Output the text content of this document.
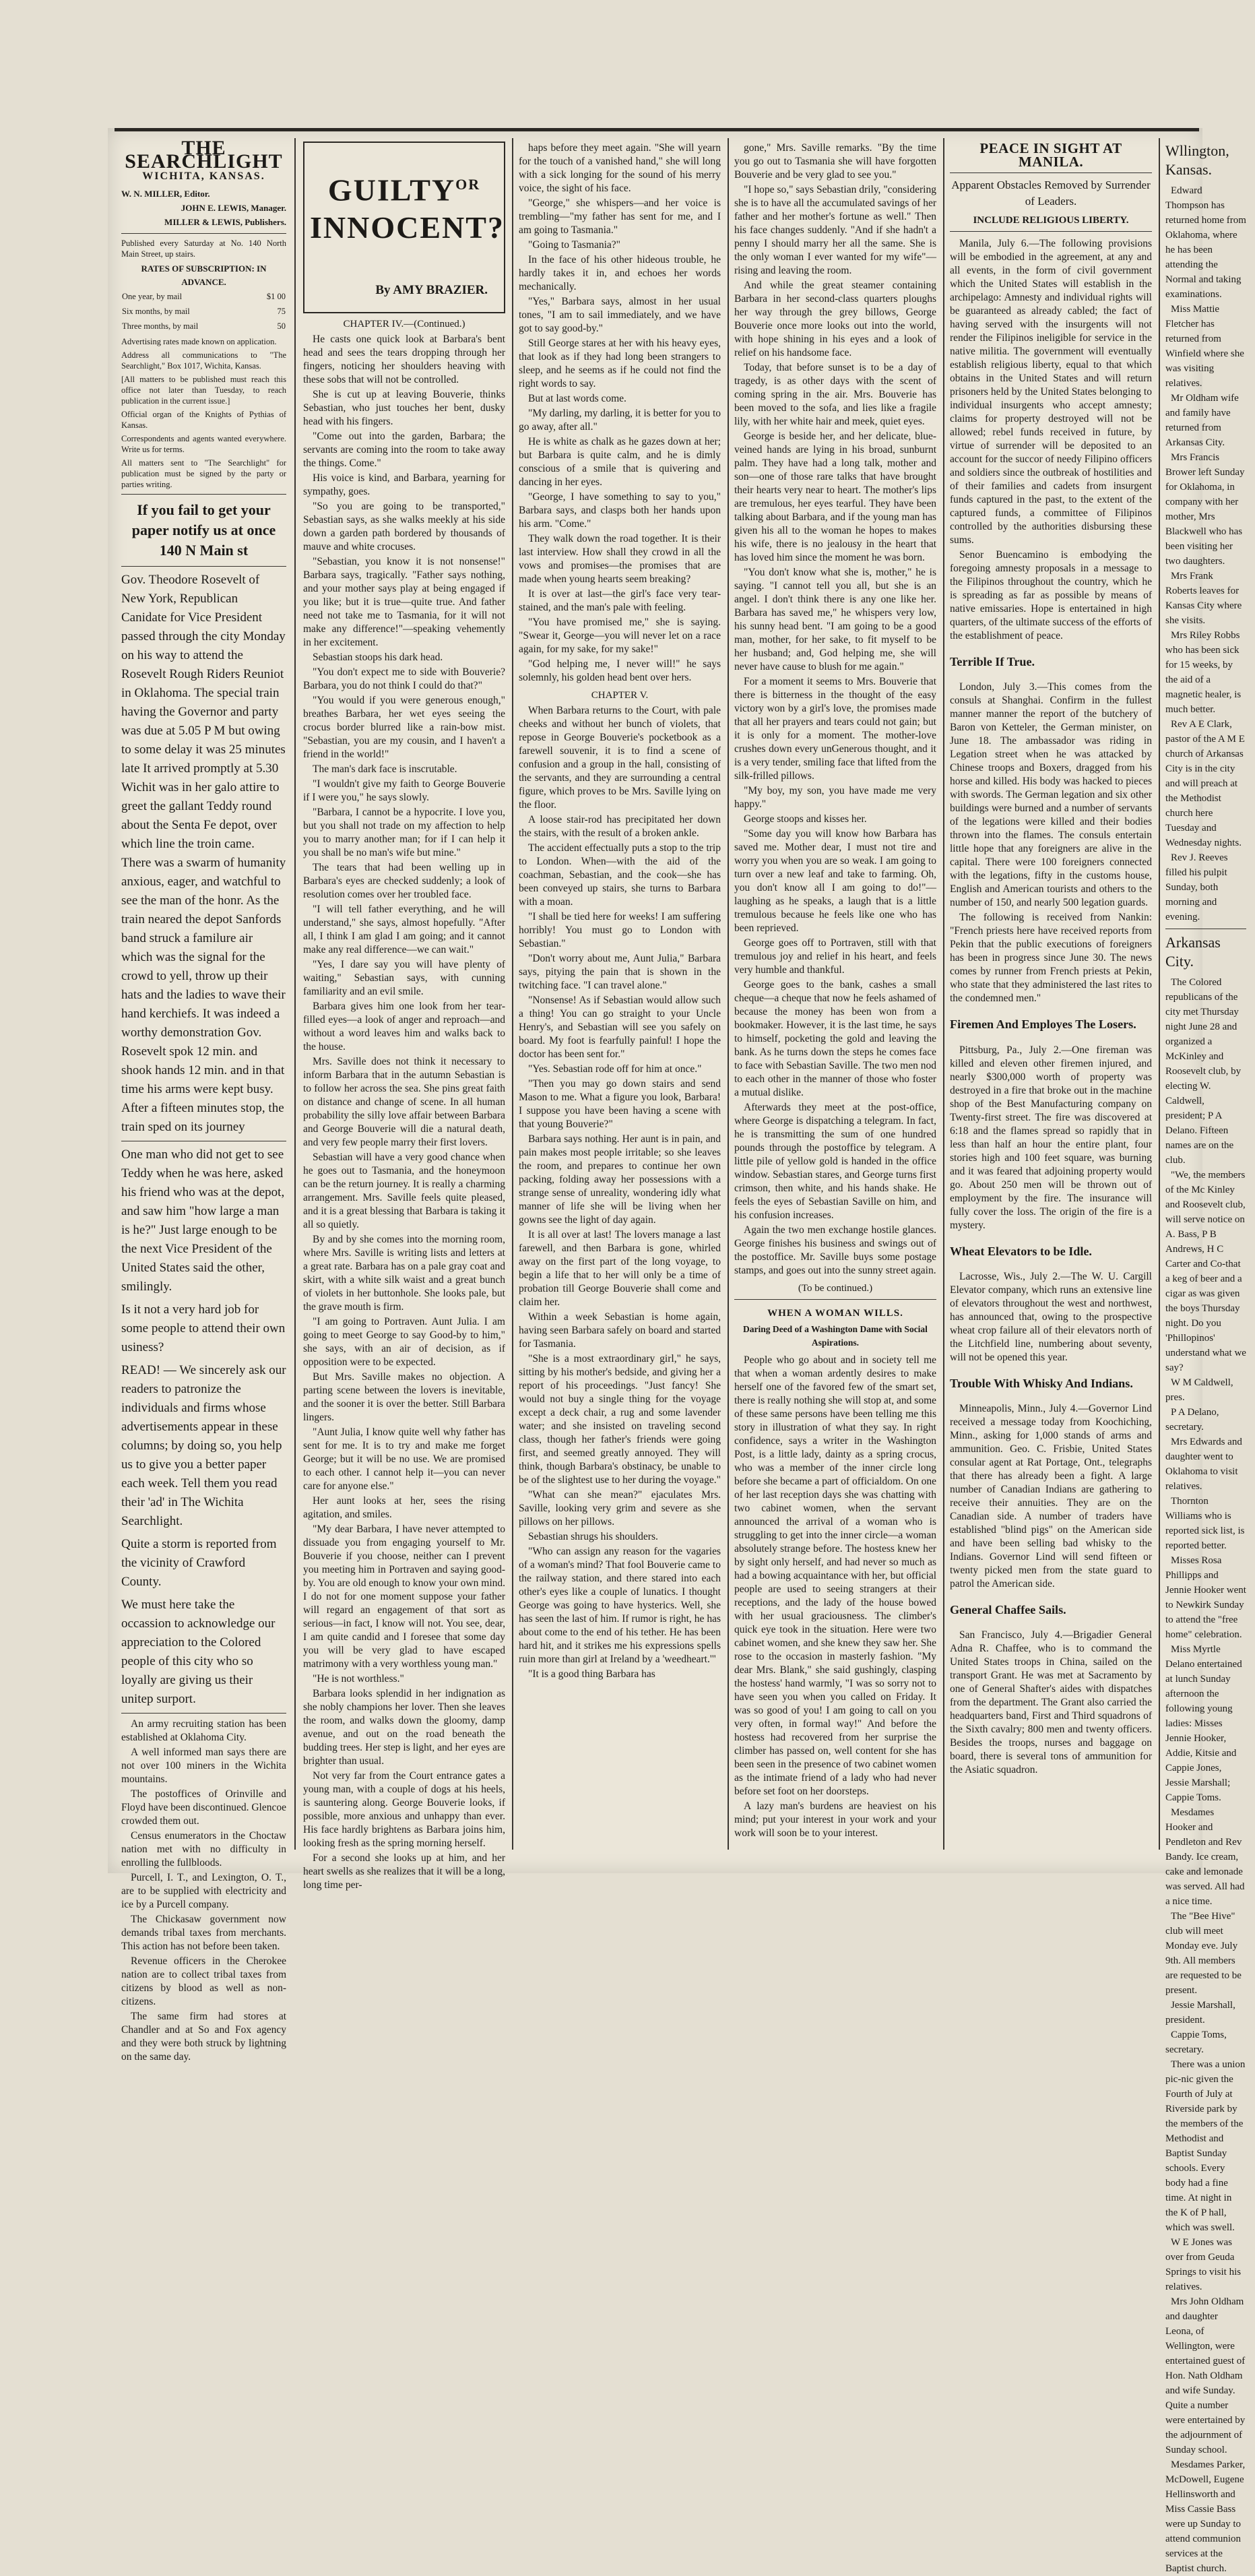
THE SEARCHLIGHT
WICHITA, KANSAS.
W. N. MILLER, Editor.
JOHN E. LEWIS, Manager.
MILLER & LEWIS, Publishers.
Published every Saturday at No. 140 North Main Street, up stairs.
RATES OF SUBSCRIPTION: IN ADVANCE.
One year, by mail	$1 00
Six months, by mail	75
Three months, by mail	50
Advertising rates made known on application.
Address all communications to "The Searchlight," Box 1017, Wichita, Kansas.
[All matters to be published must reach this office not later than Tuesday, to reach publication in the current issue.]
Official organ of the Knights of Pythias of Kansas.
Correspondents and agents wanted everywhere. Write us for terms.
All matters sent to "The Searchlight" for publication must be signed by the party or parties writing.
If you fail to get your paper notify us at once 140 N Main st
Gov. Theodore Rosevelt of New York, Republican Canidate for Vice President passed through the city Monday on his way to attend the Rosevelt Rough Riders Reuniot in Oklahoma. The special train having the Governor and party was due at 5.05 P M but owing to some delay it was 25 minutes late It arrived promptly at 5.30 Wichit was in her galo attire to greet the gallant Teddy round about the Senta Fe depot, over which line the troin came. There was a swarm of humanity anxious, eager, and watchful to see the man of the honr. As the train neared the depot Sanfords band struck a familure air which was the signal for the crowd to yell, throw up their hats and the ladies to wave their hand kerchiefs. It was indeed a worthy demonstration Gov. Rosevelt spok 12 min. and shook hands 12 min. and in that time his arms were kept busy. After a fifteen minutes stop, the train sped on its journey
One man who did not get to see Teddy when he was here, asked his friend who was at the depot, and saw him "how large a man is he?" Just large enough to be the next Vice President of the United States said the other, smilingly.
Is it not a very hard job for some people to attend their own usiness?
READ! — We sincerely ask our readers to patronize the individuals and firms whose advertisements appear in these columns; by doing so, you help us to give you a better paper each week. Tell them you read their 'ad' in The Wichita Searchlight.
Quite a storm is reported from the vicinity of Crawford County.
We must here take the occassion to acknowledge our appreciation to the Colored people of this city who so loyally are giving us their unitep surport.

An army recruiting station has been established at Oklahoma City.

A well informed man says there are not over 100 miners in the Wichita mountains.

The postoffices of Orinville and Floyd have been discontinued. Glencoe crowded them out.

Census enumerators in the Choctaw nation met with no difficulty in enrolling the fullbloods.

Purcell, I. T., and Lexington, O. T., are to be supplied with electricity and ice by a Purcell company.

The Chickasaw government now demands tribal taxes from merchants. This action has not before been taken.

Revenue officers in the Cherokee nation are to collect tribal taxes from citizens by blood as well as non-citizens.

The same firm had stores at Chandler and at So and Fox agency and they were both struck by lightning on the same day.

$GUILTY^{OR}$
INNOCENT?
By AMY BRAZIER.
CHAPTER IV.—(Continued.)

He casts one quick look at Barbara's bent head and sees the tears dropping through her fingers, noticing her shoulders heaving with these sobs that will not be controlled.

She is cut up at leaving Bouverie, thinks Sebastian, who just touches her bent, dusky head with his fingers.

"Come out into the garden, Barbara; the servants are coming into the room to take away the things. Come."

His voice is kind, and Barbara, yearning for sympathy, goes.

"So you are going to be transported," Sebastian says, as she walks meekly at his side down a garden path bordered by thousands of mauve and white crocuses.

"Sebastian, you know it is not nonsense!" Barbara says, tragically. "Father says nothing, and your mother says play at being engaged if you like; but it is true—quite true. And father need not take me to Tasmania, for it will not make any difference!"—speaking vehemently in her excitement.

Sebastian stoops his dark head.

"You don't expect me to side with Bouverie? Barbara, you do not think I could do that?"

"You would if you were generous enough," breathes Barbara, her wet eyes seeing the crocus border blurred like a rain-bow mist. "Sebastian, you are my cousin, and I haven't a friend in the world!"

The man's dark face is inscrutable.

"I wouldn't give my faith to George Bouverie if I were you," he says slowly.

"Barbara, I cannot be a hypocrite. I love you, but you shall not trade on my affection to help you to marry another man; for if I can help it you shall be no man's wife but mine."

The tears that had been welling up in Barbara's eyes are checked suddenly; a look of resolution comes over her troubled face.

"I will tell father everything, and he will understand," she says, almost hopefully. "After all, I think I am glad I am going; and it cannot make any real difference—we can wait."

"Yes, I dare say you will have plenty of waiting," Sebastian says, with cunning familiarity and an evil smile.

Barbara gives him one look from her tear-filled eyes—a look of anger and reproach—and without a word leaves him and walks back to the house.

Mrs. Saville does not think it necessary to inform Barbara that in the autumn Sebastian is to follow her across the sea. She pins great faith on distance and change of scene. In all human probability the silly love affair between Barbara and George Bouverie will die a natural death, and very few people marry their first lovers.

Sebastian will have a very good chance when he goes out to Tasmania, and the honeymoon can be the return journey. It is really a charming arrangement. Mrs. Saville feels quite pleased, and it is a great blessing that Barbara is taking it all so quietly.

By and by she comes into the morning room, where Mrs. Saville is writing lists and letters at a great rate. Barbara has on a pale gray coat and skirt, with a white silk waist and a great bunch of violets in her buttonhole. She looks pale, but the grave mouth is firm.

"I am going to Portraven. Aunt Julia. I am going to meet George to say Good-by to him," she says, with an air of decision, as if opposition were to be expected.

But Mrs. Saville makes no objection. A parting scene between the lovers is inevitable, and the sooner it is over the better. Still Barbara lingers.

"Aunt Julia, I know quite well why father has sent for me. It is to try and make me forget George; but it will be no use. We are promised to each other. I cannot help it—you can never care for anyone else."

Her aunt looks at her, sees the rising agitation, and smiles.

"My dear Barbara, I have never attempted to dissuade you from engaging yourself to Mr. Bouverie if you choose, neither can I prevent you meeting him in Portraven and saying good-by. You are old enough to know your own mind. I do not for one moment suppose your father will regard an engagement of that sort as serious—in fact, I know will not. You see, dear, I am quite candid and I foresee that some day you will be very glad to have escaped matrimony with a very worthless young man."

"He is not worthless."

Barbara looks splendid in her indignation as she nobly champions her lover. Then she leaves the room, and walks down the gloomy, damp avenue, and out on the road beneath the budding trees. Her step is light, and her eyes are brighter than usual.

Not very far from the Court entrance gates a young man, with a couple of dogs at his heels, is sauntering along. George Bouverie looks, if possible, more anxious and unhappy than ever. His face hardly brightens as Barbara joins him, looking fresh as the spring morning herself.

For a second she looks up at him, and her heart swells as she realizes that it will be a long, long time per-

haps before they meet again. "She will yearn for the touch of a vanished hand," she will long with a sick longing for the sound of his merry voice, the sight of his face.

"George," she whispers—and her voice is trembling—"my father has sent for me, and I am going to Tasmania."

"Going to Tasmania?"

In the face of his other hideous trouble, he hardly takes it in, and echoes her words mechanically.

"Yes," Barbara says, almost in her usual tones, "I am to sail immediately, and we have got to say good-by."

Still George stares at her with his heavy eyes, that look as if they had long been strangers to sleep, and he seems as if he could not find the right words to say.

But at last words come.

"My darling, my darling, it is better for you to go away, after all."

He is white as chalk as he gazes down at her; but Barbara is quite calm, and he is dimly conscious of a smile that is quivering and dancing in her eyes.

"George, I have something to say to you," Barbara says, and clasps both her hands upon his arm. "Come."

They walk down the road together. It is their last interview. How shall they crowd in all the vows and promises—the promises that are made when young hearts seem breaking?

It is over at last—the girl's face very tear-stained, and the man's pale with feeling.

"You have promised me," she is saying. "Swear it, George—you will never let on a race again, for my sake, for my sake!"

"God helping me, I never will!" he says solemnly, his golden head bent over hers.

CHAPTER V.

When Barbara returns to the Court, with pale cheeks and without her bunch of violets, that repose in George Bouverie's pocketbook as a farewell souvenir, it is to find a scene of confusion and a group in the hall, consisting of the servants, and they are surrounding a central figure, which proves to be Mrs. Saville lying on the floor.

A loose stair-rod has precipitated her down the stairs, with the result of a broken ankle.

The accident effectually puts a stop to the trip to London. When—with the aid of the coachman, Sebastian, and the cook—she has been conveyed up stairs, she turns to Barbara with a moan.

"I shall be tied here for weeks! I am suffering horribly! You must go to London with Sebastian."

"Don't worry about me, Aunt Julia," Barbara says, pitying the pain that is shown in the twitching face. "I can travel alone."

"Nonsense! As if Sebastian would allow such a thing! You can go straight to your Uncle Henry's, and Sebastian will see you safely on board. My foot is fearfully painful! I hope the doctor has been sent for."

"Yes. Sebastian rode off for him at once."

"Then you may go down stairs and send Mason to me. What a figure you look, Barbara! I suppose you have been having a scene with that young Bouverie?"

Barbara says nothing. Her aunt is in pain, and pain makes most people irritable; so she leaves the room, and prepares to continue her own packing, folding away her possessions with a strange sense of unreality, wondering idly what manner of life she will be living when her gowns see the light of day again.

It is all over at last! The lovers manage a last farewell, and then Barbara is gone, whirled away on the first part of the long voyage, to begin a life that to her will only be a time of probation till George Bouverie shall come and claim her.

Within a week Sebastian is home again, having seen Barbara safely on board and started for Tasmania.

"She is a most extraordinary girl," he says, sitting by his mother's bedside, and giving her a report of his proceedings. "Just fancy! She would not buy a single thing for the voyage except a deck chair, a rug and some lavender water; and she insisted on traveling second class, though her father's friends were going first, and seemed greatly annoyed. They will think, though Barbara's obstinacy, be unable to be of the slightest use to her during the voyage."

"What can she mean?" ejaculates Mrs. Saville, looking very grim and severe as she pillows on her pillows.

Sebastian shrugs his shoulders.

"Who can assign any reason for the vagaries of a woman's mind? That fool Bouverie came to the railway station, and there stared into each other's eyes like a couple of lunatics. I thought George was going to have hysterics. Well, she has seen the last of him. If rumor is right, he has about come to the end of his tether. He has been hard hit, and it strikes me his expressions spells ruin more than girl at Ireland by a 'weedheart.'"

"It is a good thing Barbara has

gone," Mrs. Saville remarks. "By the time you go out to Tasmania she will have forgotten Bouverie and be very glad to see you."

"I hope so," says Sebastian drily, "considering she is to have all the accumulated savings of her father and her mother's fortune as well." Then his face changes suddenly. "And if she hadn't a penny I should marry her all the same. She is the only woman I ever wanted for my wife"—rising and leaving the room.

And while the great steamer containing Barbara in her second-class quarters ploughs her way through the grey billows, George Bouverie once more looks out into the world, with hope shining in his eyes and a look of relief on his handsome face.

Today, that before sunset is to be a day of tragedy, is as other days with the scent of coming spring in the air. Mrs. Bouverie has been moved to the sofa, and lies like a fragile lily, with her white hair and meek, quiet eyes.

George is beside her, and her delicate, blue-veined hands are lying in his broad, sunburnt palm. They have had a long talk, mother and son—one of those rare talks that have brought their hearts very near to heart. The mother's lips are tremulous, her eyes tearful. They have been talking about Barbara, and if the young man has given his all to the woman he hopes to makes his wife, there is no jealousy in the heart that has loved him since the moment he was born.

"You don't know what she is, mother," he is saying. "I cannot tell you all, but she is an angel. I don't think there is any one like her. Barbara has saved me," he whispers very low, his sunny head bent. "I am going to be a good man, mother, for her sake, to fit myself to be her husband; and, God helping me, she will never have cause to blush for me again."

For a moment it seems to Mrs. Bouverie that there is bitterness in the thought of the easy victory won by a girl's love, the promises made that all her prayers and tears could not gain; but it is only for a moment. The mother-love crushes down every unGenerous thought, and it is a very tender, smiling face that lifted from the silk-frilled pillows.

"My boy, my son, you have made me very happy."

George stoops and kisses her.

"Some day you will know how Barbara has saved me. Mother dear, I must not tire and worry you when you are so weak. I am going to turn over a new leaf and take to farming. Oh, you don't know all I am going to do!"—laughing as he speaks, a laugh that is a little tremulous because he feels like one who has been reprieved.

George goes off to Portraven, still with that tremulous joy and relief in his heart, and feels very humble and thankful.

George goes to the bank, cashes a small cheque—a cheque that now he feels ashamed of because the money has been won from a bookmaker. However, it is the last time, he says to himself, pocketing the gold and leaving the bank. As he turns down the steps he comes face to face with Sebastian Saville. The two men nod to each other in the manner of those who foster a mutual dislike.

Afterwards they meet at the post-office, where George is dispatching a telegram. In fact, he is transmitting the sum of one hundred pounds through the postoffice by telegram. A little pile of yellow gold is handed in the office window. Sebastian stares, and George turns first crimson, then white, and his hands shake. He feels the eyes of Sebastian Saville on him, and his confusion increases.

Again the two men exchange hostile glances. George finishes his business and swings out of the postoffice. Mr. Saville buys some postage stamps, and goes out into the sunny street again.

(To be continued.)
WHEN A WOMAN WILLS.
Daring Deed of a Washington Dame with Social Aspirations.

People who go about and in society tell me that when a woman ardently desires to make herself one of the favored few of the smart set, there is really nothing she will stop at, and some of these same persons have been telling me this story in illustration of what they say. In right confidence, says a writer in the Washington Post, is a little lady, dainty as a spring crocus, who was a member of the inner circle long before she became a part of officialdom. On one of her last reception days she was chatting with two cabinet women, when the servant announced the arrival of a woman who is struggling to get into the inner circle—a woman absolutely strange before. The hostess knew her by sight only herself, and had never so much as had a bowing acquaintance with her, but official people are used to seeing strangers at their receptions, and the lady of the house bowed with her usual graciousness. The climber's quick eye took in the situation. Here were two cabinet women, and she knew they saw her. She rose to the occasion in masterly fashion. "My dear Mrs. Blank," she said gushingly, clasping the hostess' hand warmly, "I was so sorry not to have seen you when you called on Friday. It was so good of you! I am going to call on you very often, in formal way!" And before the hostess had recovered from her surprise the climber has passed on, well content for she has been seen in the presence of two cabinet women as the intimate friend of a lady who had never before set foot on her doorsteps.

A lazy man's burdens are heaviest on his mind; put your interest in your work and your work will soon be to your interest.

PEACE IN SIGHT AT MANILA.
Apparent Obstacles Removed by Surrender of Leaders.
INCLUDE RELIGIOUS LIBERTY.

Manila, July 6.—The following provisions will be embodied in the agreement, at any and all events, in the form of civil government which the United States will establish in the archipelago: Amnesty and individual rights will be guaranteed as already cabled; the fact of having served with the insurgents will not render the Filipinos ineligible for service in the native militia. The government will eventually establish religious liberty, equal to that which obtains in the United States and will return prisoners held by the United States belonging to individual insurgents who accept amnesty; claims for property destroyed will not be allowed; rebel funds received in future, by virtue of surrender will be deposited to an account for the succor of needy Filipino officers and soldiers since the outbreak of hostilities and of their families and cadets from insurgent funds captured in the past, to the extent of the captured funds, a committee of Filipinos controlled by the authorities disbursing these sums.

Senor Buencamino is embodying the foregoing amnesty proposals in a message to the Filipinos throughout the country, which he is spreading as far as possible by means of native emissaries. Hope is entertained in high quarters, of the ultimate success of the efforts of the establishment of peace.

Terrible If True.

London, July 3.—This comes from the consuls at Shanghai. Confirm in the fullest manner manner the report of the butchery of Baron von Ketteler, the German minister, on June 18. The ambassador was riding in Legation street when he was attacked by Chinese troops and Boxers, dragged from his horse and killed. His body was hacked to pieces with swords. The German legation and six other buildings were burned and a number of servants of the legations were killed and their bodies thrown into the flames. The consuls entertain little hope that any foreigners are alive in the capital. There were 100 foreigners connected with the legations, fifty in the customs house, English and American tourists and others to the number of 150, and nearly 500 legation guards.

The following is received from Nankin: "French priests here have received reports from Pekin that the public executions of foreigners has been in progress since June 30. The news comes by runner from French priests at Pekin, who state that they administered the last rites to the condemned men."

Firemen And Employes The Losers.

Pittsburg, Pa., July 2.—One fireman was killed and eleven other firemen injured, and nearly $300,000 worth of property was destroyed in a fire that broke out in the machine shop of the Best Manufacturing company on Twenty-first street. The fire was discovered at 6:18 and the flames spread so rapidly that in less than half an hour the entire plant, four stories high and 100 feet square, was burning and it was feared that adjoining property would go. About 250 men will be thrown out of employment by the fire. The insurance will fully cover the loss. The origin of the fire is a mystery.

Wheat Elevators to be Idle.

Lacrosse, Wis., July 2.—The W. U. Cargill Elevator company, which runs an extensive line of elevators throughout the west and northwest, has announced that, owing to the prospective wheat crop failure all of their elevators north of the Litchfield line, numbering about seventy, will not be opened this year.

Trouble With Whisky And Indians.

Minneapolis, Minn., July 4.—Governor Lind received a message today from Koochiching, Minn., asking for 1,000 stands of arms and ammunition. Geo. C. Frisbie, United States consular agent at Rat Portage, Ont., telegraphs that there has already been a fight. A large number of Canadian Indians are gathering to receive their annuities. They are on the Canadian side. A number of traders have established "blind pigs" on the American side and have been selling bad whisky to the Indians. Governor Lind will send fifteen or twenty picked men from the state guard to patrol the American side.

General Chaffee Sails.

San Francisco, July 4.—Brigadier General Adna R. Chaffee, who is to command the United States troops in China, sailed on the transport Grant. He was met at Sacramento by one of General Shafter's aides with dispatches from the department. The Grant also carried the headquarters band, First and Third squadrons of the Sixth cavalry; 800 men and twenty officers. Besides the troops, nurses and baggage on board, there is several tons of ammunition for the Asiatic squadron.

Wllington, Kansas.

Edward Thompson has returned home from Oklahoma, where he has been attending the Normal and taking examinations.

Miss Mattie Fletcher has returned from Winfield where she was visiting relatives.

Mr Oldham wife and family have returned from Arkansas City.

Mrs Francis Brower left Sunday for Oklahoma, in company with her mother, Mrs Blackwell who has been visiting her two daughters.

Mrs Frank Roberts leaves for Kansas City where she visits.

Mrs Riley Robbs who has been sick for 15 weeks, by the aid of a magnetic healer, is much better.

Rev A E Clark, pastor of the A M E church of Arkansas City is in the city and will preach at the Methodist church here Tuesday and Wednesday nights.

Rev J. Reeves filled his pulpit Sunday, both morning and evening.

Arkansas City.

The Colored republicans of the city met Thursday night June 28 and organized a McKinley and Roosevelt club, by electing W. Caldwell, president; P A Delano. Fifteen names are on the club.

"We, the members of the Mc Kinley and Roosevelt club, will serve notice on A. Bass, P B Andrews, H C Carter and Co-that a keg of beer and a cigar as was given the boys Thursday night. Do you 'Phillopinos' understand what we say?

W M Caldwell, pres.

P A Delano, secretary.

Mrs Edwards and daughter went to Oklahoma to visit relatives.

Thornton Williams who is reported sick list, is reported better.

Misses Rosa Phillipps and Jennie Hooker went to Newkirk Sunday to attend the "free home" celebration.

Miss Myrtle Delano entertained at lunch Sunday afternoon the following young ladies: Misses Jennie Hooker, Addie, Kitsie and Cappie Jones, Jessie Marshall; Cappie Toms.

Mesdames Hooker and Pendleton and Rev Bandy. Ice cream, cake and lemonade was served. All had a nice time.

The "Bee Hive" club will meet Monday eve. July 9th. All members are requested to be present.

Jessie Marshall, president.

Cappie Toms, secretary.

There was a union pic-nic given the Fourth of July at Riverside park by the members of the Methodist and Baptist Sunday schools. Every body had a fine time. At night in the K of P hall, which was swell.

W E Jones was over from Geuda Springs to visit his relatives.

Mrs John Oldham and daughter Leona, of Wellington, were entertained guest of Hon. Nath Oldham and wife Sunday. Quite a number were entertained by the adjournment of Sunday school.

Mesdames Parker, McDowell, Eugene Hellinsworth and Miss Cassie Bass were up Sunday to attend communion services at the Baptist church.
